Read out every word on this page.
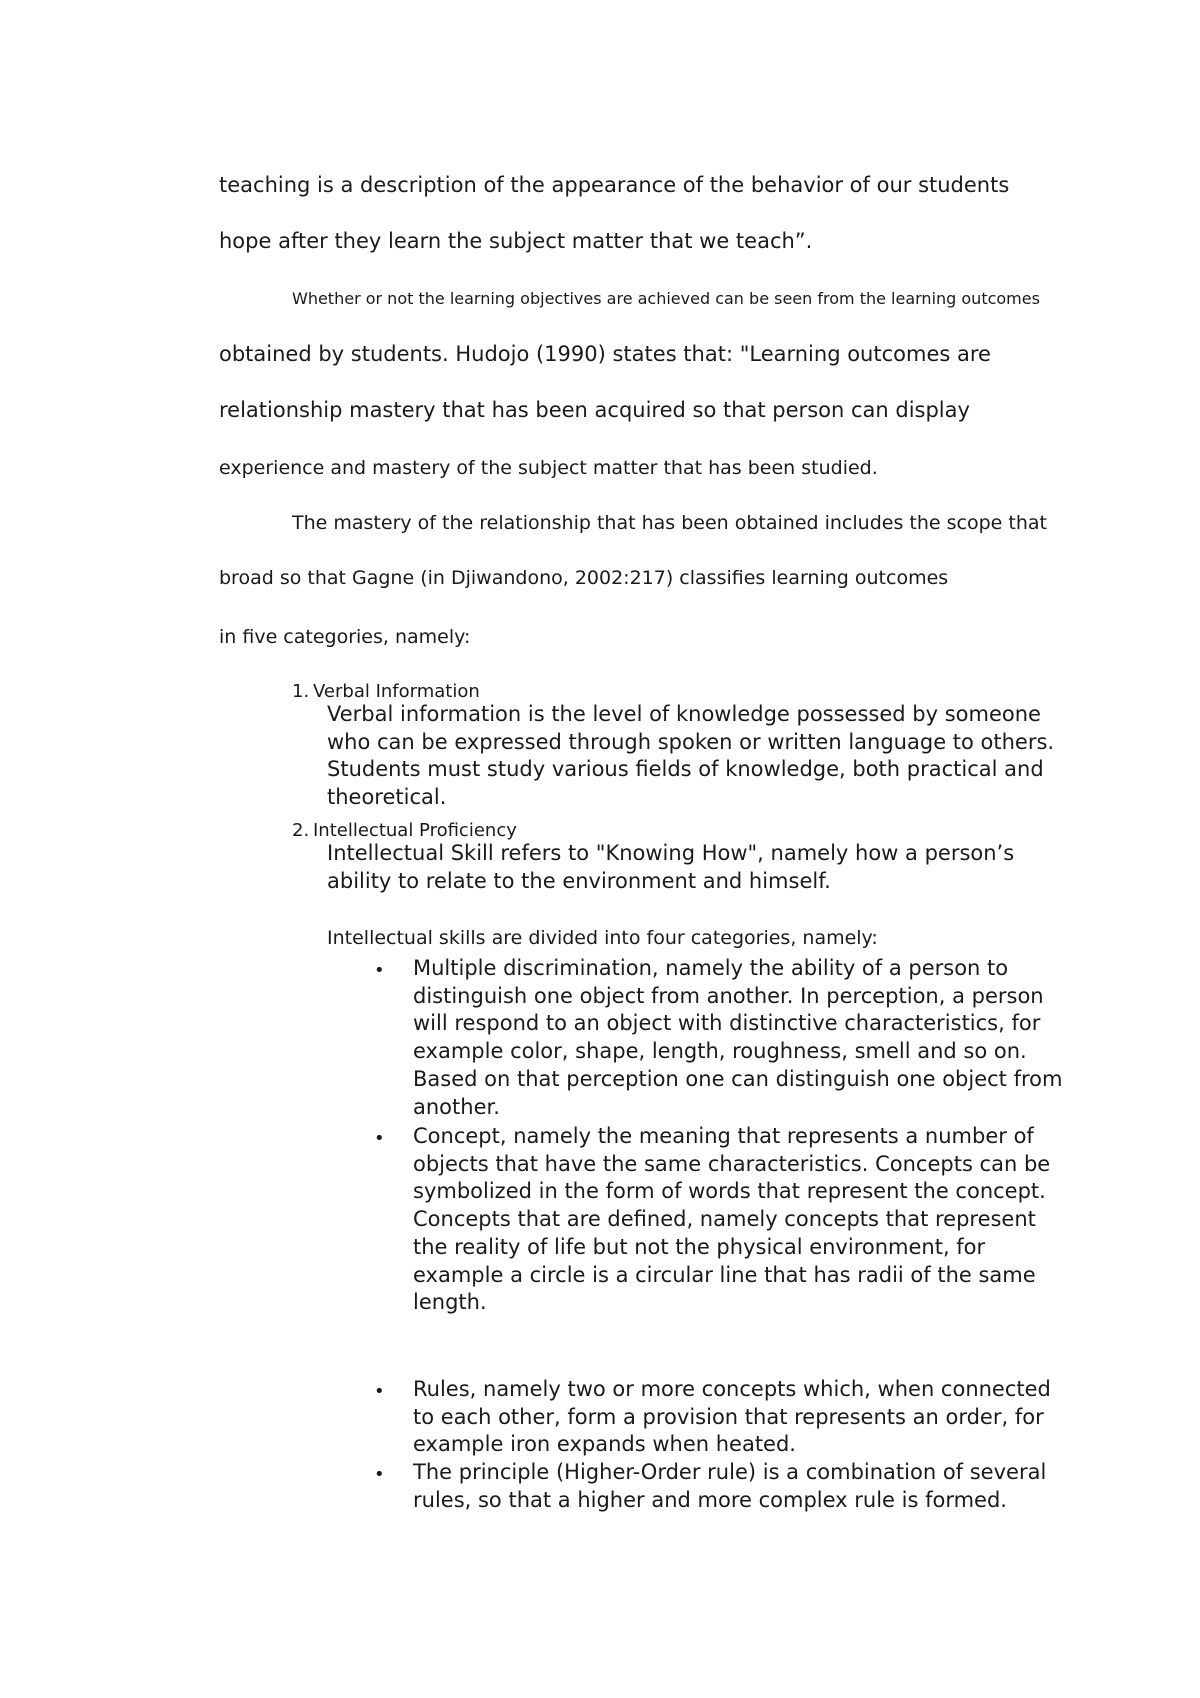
teaching is a description of the appearance of the behavior of our students

hope after they learn the subject matter that we teach”.

Whether or not the learning objectives are achieved can be seen from the learning outcomes

obtained by students. Hudojo (1990) states that: "Learning outcomes are

relationship mastery that has been acquired so that person can display

experience and mastery of the subject matter that has been studied.

The mastery of the relationship that has been obtained includes the scope that

broad so that Gagne (in Djiwandono, 2002:217) classifies learning outcomes

in five categories, namely:

1. Verbal Information

Verbal information is the level of knowledge possessed by someone who can be expressed through spoken or written language to others. Students must study various fields of knowledge, both practical and theoretical.

2. Intellectual Proficiency

Intellectual Skill refers to "Knowing How", namely how a person’s ability to relate to the environment and himself.

Intellectual skills are divided into four categories, namely:
• Multiple discrimination, namely the ability of a person to distinguish one object from another. In perception, a person will respond to an object with distinctive characteristics, for example color, shape, length, roughness, smell and so on. Based on that perception one can distinguish one object from another.

• Concept, namely the meaning that represents a number of objects that have the same characteristics. Concepts can be symbolized in the form of words that represent the concept. Concepts that are defined, namely concepts that represent the reality of life but not the physical environment, for example a circle is a circular line that has radii of the same length.

• Rules, namely two or more concepts which, when connected to each other, form a provision that represents an order, for example iron expands when heated.

• The principle (Higher-Order rule) is a combination of several rules, so that a higher and more complex rule is formed.
